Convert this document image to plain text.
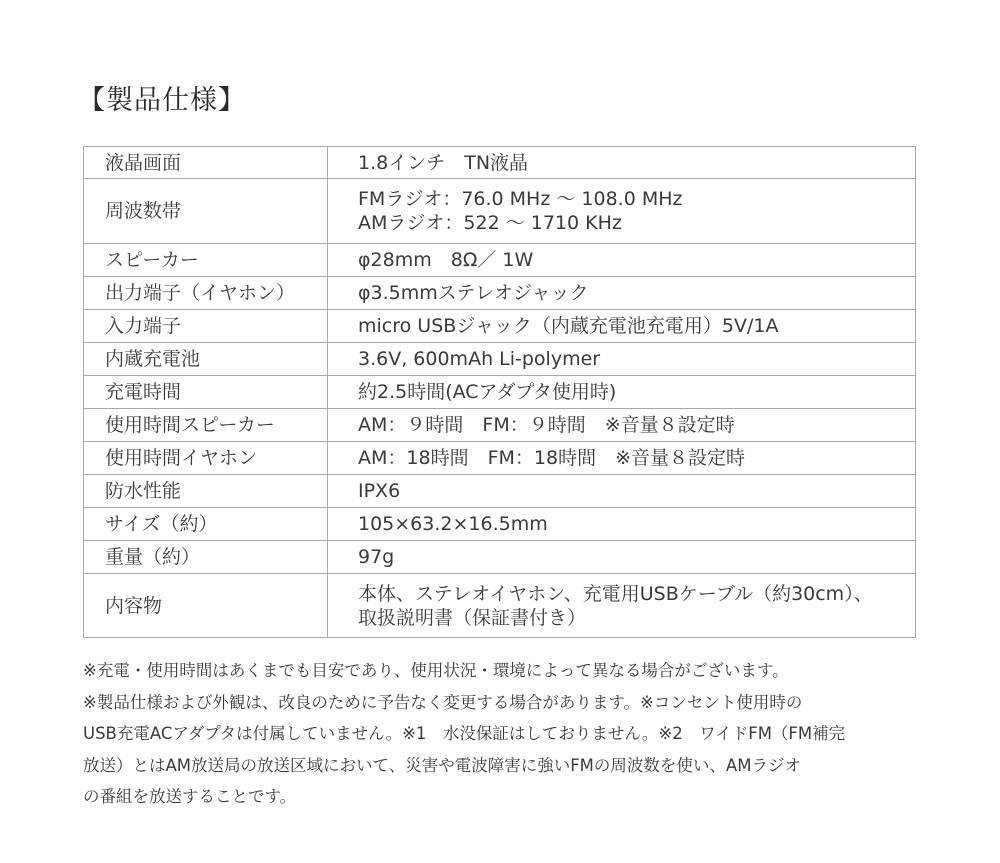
【製品仕様】
液晶画面	1.8インチ　TN液晶

周波数帯	FMラジオ：76.0 MHz 〜 108.0 MHz
AMラジオ：522 〜 1710 KHz

スピーカー	φ28mm　8Ω／ 1W

出力端子（イヤホン）	φ3.5mmステレオジャック

入力端子	micro USBジャック（内蔵充電池充電用）5V/1A

内蔵充電池	3.6V, 600mAh Li-polymer

充電時間	約2.5時間(ACアダプタ使用時)

使用時間スピーカー	AM：９時間　FM：９時間　※音量８設定時

使用時間イヤホン	AM：18時間　FM：18時間　※音量８設定時

防水性能	IPX6

サイズ（約）	105×63.2×16.5mm

重量（約）	97g

内容物	本体、ステレオイヤホン、充電用USBケーブル（約30cm）、
取扱説明書（保証書付き）
※充電・使用時間はあくまでも目安であり、使用状況・環境によって異なる場合がございます。
※製品仕様および外観は、改良のために予告なく変更する場合があります。※コンセント使用時の
USB充電ACアダプタは付属していません。※1　水没保証はしておりません。※2　ワイドFM（FM補完
放送）とはAM放送局の放送区域において、災害や電波障害に強いFMの周波数を使い、AMラジオ
の番組を放送することです。
